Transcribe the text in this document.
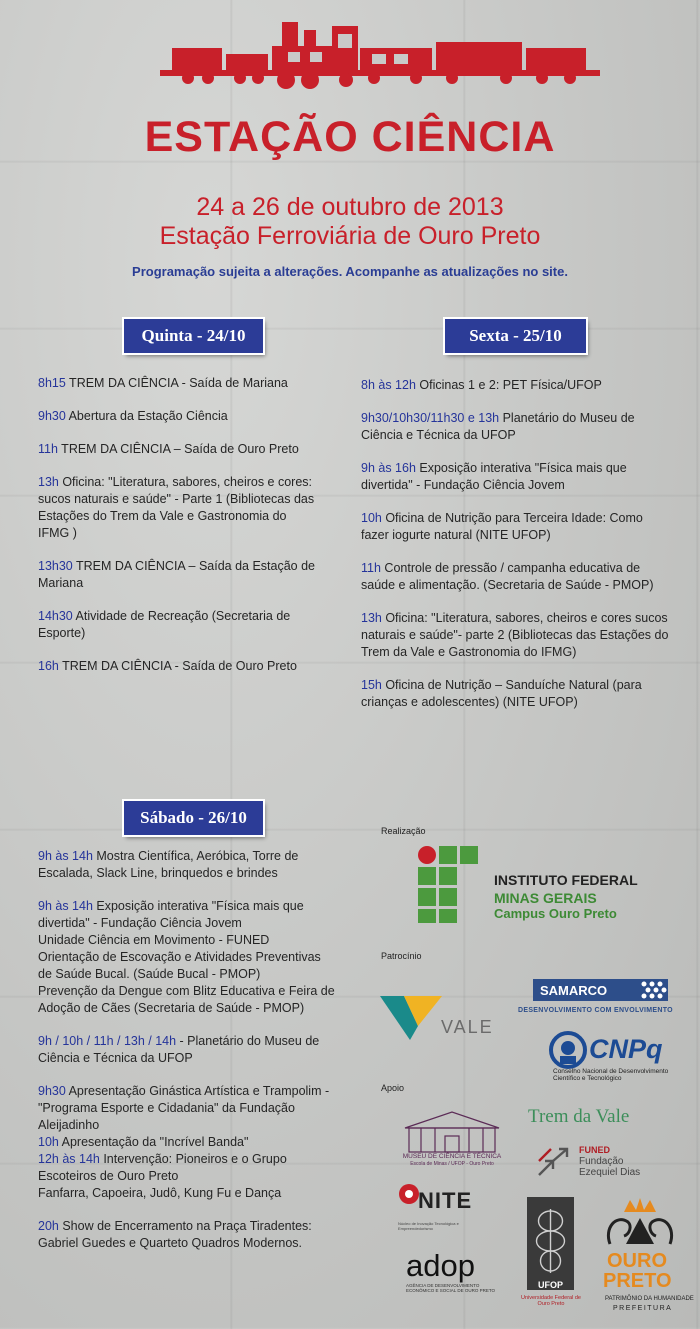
ESTAÇÃO CIÊNCIA
24 a 26 de outubro de 2013
Estação Ferroviária de Ouro Preto
Programação sujeita a alterações. Acompanhe as atualizações no site.
Quinta - 24/10	Sexta - 25/10
Sábado - 26/10
8h15 TREM DA CIÊNCIA - Saída de Mariana
9h30 Abertura da Estação Ciência
11h TREM DA CIÊNCIA – Saída de Ouro Preto
13h Oficina: "Literatura, sabores, cheiros e cores: sucos naturais e saúde" - Parte 1 (Bibliotecas das Estações do Trem da Vale e Gastronomia do IFMG )
13h30 TREM DA CIÊNCIA – Saída da Estação de Mariana
14h30 Atividade de Recreação (Secretaria de Esporte)
16h TREM DA CIÊNCIA - Saída de Ouro Preto
8h às 12h Oficinas 1 e 2: PET Física/UFOP
9h30/10h30/11h30 e 13h Planetário do Museu de Ciência e Técnica da UFOP
9h às 16h Exposição interativa "Física mais que divertida" - Fundação Ciência Jovem
10h Oficina de Nutrição para Terceira Idade: Como fazer iogurte natural (NITE UFOP)
11h Controle de pressão / campanha educativa de saúde e alimentação. (Secretaria de Saúde - PMOP)
13h Oficina: "Literatura, sabores, cheiros e cores sucos naturais e saúde"- parte 2 (Bibliotecas das Estações do Trem da Vale e Gastronomia do IFMG)
15h Oficina de Nutrição – Sanduíche Natural (para crianças e adolescentes) (NITE UFOP)
9h às 14h Mostra Científica, Aeróbica, Torre de Escalada, Slack Line, brinquedos e brindes
9h às 14h Exposição interativa "Física mais que divertida" - Fundação Ciência Jovem
Unidade Ciência em Movimento - FUNED
Orientação de Escovação e Atividades Preventivas de Saúde Bucal. (Saúde Bucal - PMOP)
Prevenção da Dengue com Blitz Educativa e Feira de Adoção de Cães (Secretaria de Saúde - PMOP)
9h / 10h / 11h / 13h / 14h - Planetário do Museu de Ciência e Técnica da UFOP
9h30 Apresentação Ginástica Artística e Trampolim - "Programa Esporte e Cidadania" da Fundação Aleijadinho
10h Apresentação da "Incrível Banda"
12h às 14h Intervenção: Pioneiros e o Grupo Escoteiros de Ouro Preto
Fanfarra, Capoeira, Judô, Kung Fu e Dança
20h Show de Encerramento na Praça Tiradentes: Gabriel Guedes e Quarteto Quadros Modernos.
Realização
Patrocínio
Apoio
INSTITUTO FEDERAL
MINAS GERAIS
Campus Ouro Preto
SAMARCO
DESENVOLVIMENTO COM ENVOLVIMENTO
VALE
CNPq
Conselho Nacional de Desenvolvimento Científico e Tecnológico
MUSEU DE CIÊNCIA E TÉCNICA
Escola de Minas / UFOP - Ouro Preto
Trem da Vale
FUNED
Fundação
Ezequiel Dias
NITE
Núcleo de Inovação Tecnológica e Empreendedorismo
UFOP
Universidade Federal de Ouro Preto
adop
AGÊNCIA DE DESENVOLVIMENTO ECONÔMICO E SOCIAL DE OURO PRETO
OURO
PRETO
PATRIMÔNIO DA HUMANIDADE
PREFEITURA
